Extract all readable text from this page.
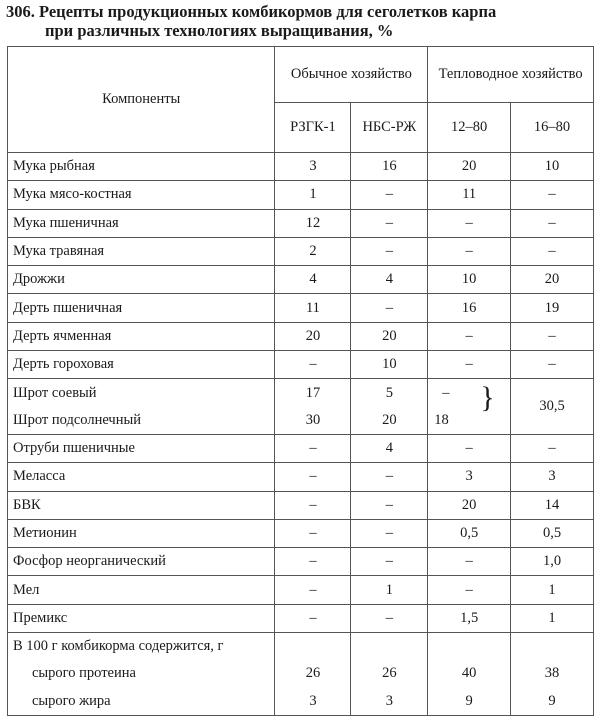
306. Рецепты продукционных комбикормов для сеголетков карпа
при различных технологиях выращивания, %
Компоненты	Обычное хозяйство		Тепловодное хозяйство	
	РЗГК-1	НБС-РЖ	12–80	16–80
Мука рыбная	3	16	20	10
Мука мясо-костная	1	–	11	–
Мука пшеничная	12	–	–	–
Мука травяная	2	–	–	–
Дрожжи	4	4	10	20
Дерть пшеничная	11	–	16	19
Дерть ячменная	20	20	–	–
Дерть гороховая	–	10	–	–
Шрот соевый	17	5	–	30,5
Шрот подсолнечный	30	20	18
}	

Отруби пшеничные	–	4	–	–
Меласса	–	–	3	3
БВК	–	–	20	14
Метионин	–	–	0,5	0,5
Фосфор неорганический	–	–	–	1,0
Мел	–	1	–	1
Премикс	–	–	1,5	1
В 100 г комбикорма содержится, г				
сырого протеина	26	26	40	38
сырого жира	3	3	9	9
